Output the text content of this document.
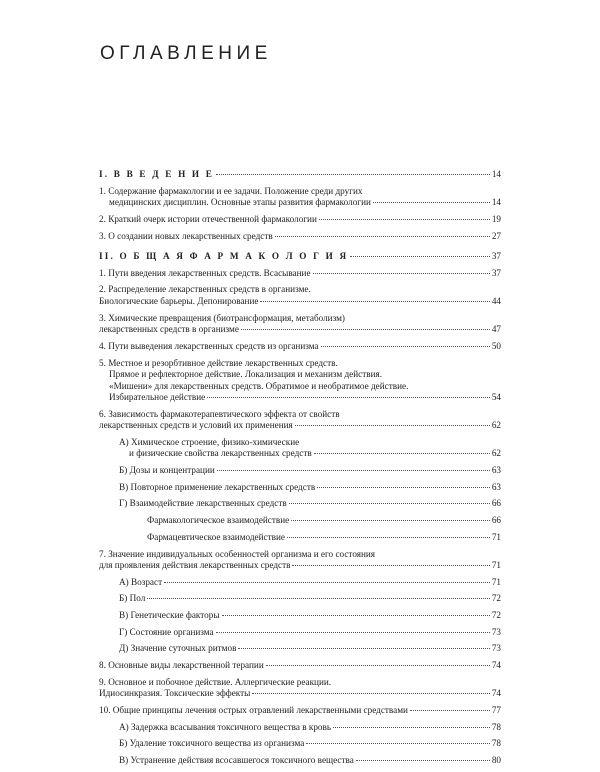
ОГЛАВЛЕНИЕ
I. В В Е Д Е Н И Е	14
1. Содержание фармакологии и ее задачи. Положение среди других
медицинских дисциплин. Основные этапы развития фармакологии	14
2. Краткий очерк истории отечественной фармакологии	19
3. О создании новых лекарственных средств	27
II. О Б Щ А Я Ф А Р М А К О Л О Г И Я	37
1. Пути введения лекарственных средств. Всасывание	37
2. Распределение лекарственных средств в организме.
Биологические барьеры. Депонирование	44
3. Химические превращения (биотрансформация, метаболизм)
лекарственных средств в организме	47
4. Пути выведения лекарственных средств из организма	50
5. Местное и резорбтивное действие лекарственных средств.
Прямое и рефлекторное действие. Локализация и механизм действия.
«Мишени» для лекарственных средств. Обратимое и необратимое действие.
Избирательное действие	54
6. Зависимость фармакотерапевтического эффекта от свойств
лекарственных средств и условий их применения	62
А) Химическое строение, физико-химические
и физические свойства лекарственных средств	62
Б) Дозы и концентрации	63
В) Повторное применение лекарственных средств	63
Г) Взаимодействие лекарственных средств	66
Фармакологическое взаимодействие	66
Фармацевтическое взаимодействие	71
7. Значение индивидуальных особенностей организма и его состояния
для проявления действия лекарственных средств	71
А) Возраст	71
Б) Пол	72
В) Генетические факторы	72
Г) Состояние организма	73
Д) Значение суточных ритмов	73
8. Основные виды лекарственной терапии	74
9. Основное и побочное действие. Аллергические реакции.
Идиосинкразия. Токсические эффекты	74
10. Общие принципы лечения острых отравлений лекарственными средствами	77
А) Задержка всасывания токсичного вещества в кровь	78
Б) Удаление токсичного вещества из организма	78
В) Устранение действия всосавшегося токсичного вещества	80
